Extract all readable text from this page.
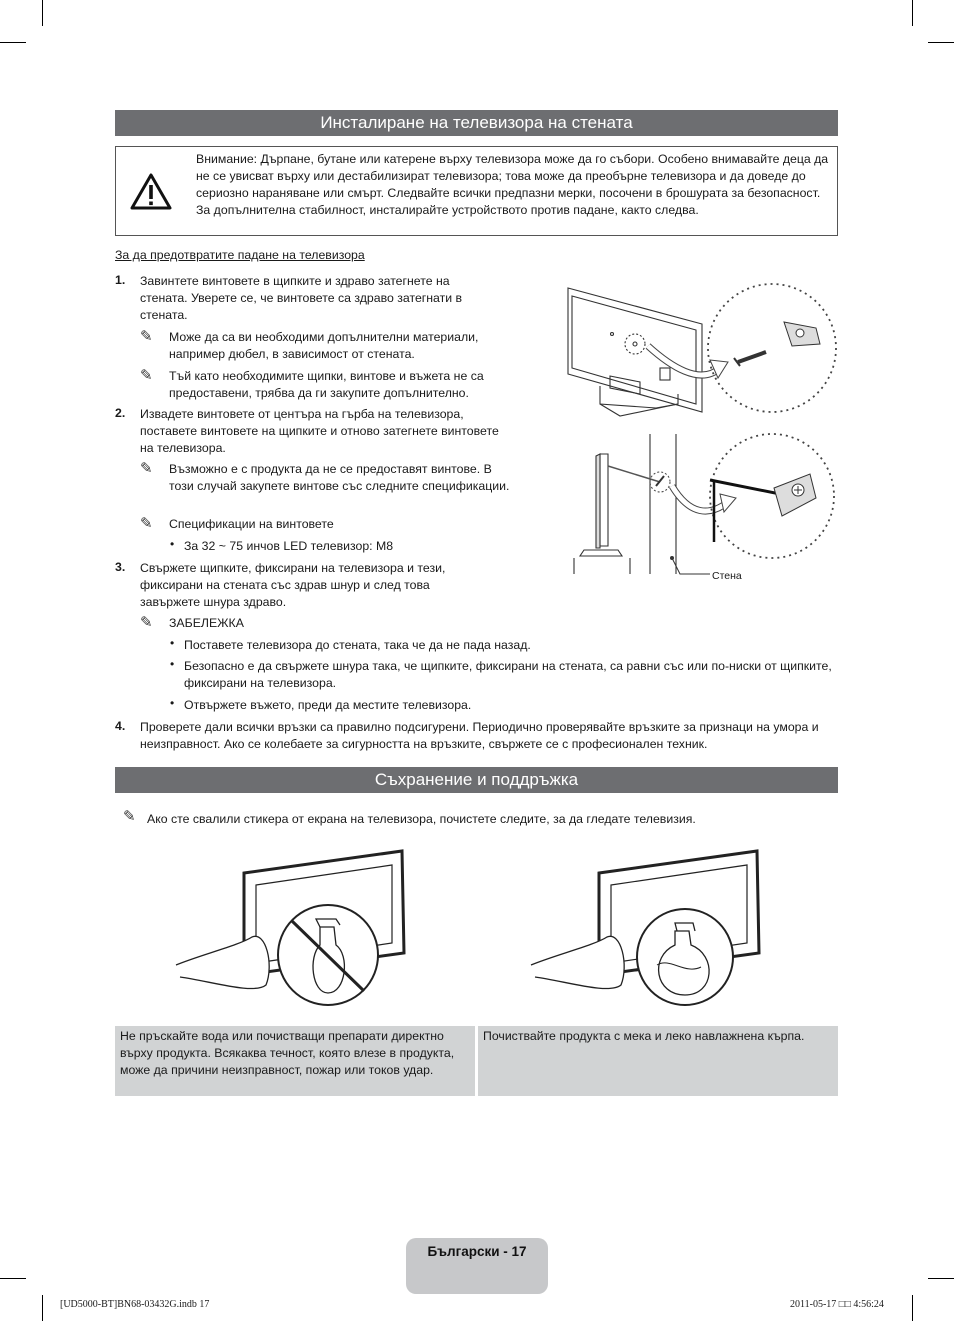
Инсталиране на телевизора на стената
Внимание: Дърпане, бутане или катерене върху телевизора може да го събори. Особено внимавайте деца да не се увисват върху или дестабилизират телевизора; това може да преобърне телевизора и да доведе до сериозно нараняване или смърт. Следвайте всички предпазни мерки, посочени в брошурата за безопасност. За допълнителна стабилност, инсталирайте устройството против падане, както следва.
За да предотвратите падане на телевизора
1. Завинтете винтовете в щипките и здраво затегнете на стената. Уверете се, че винтовете са здраво затегнати в стената.
✎ Може да са ви необходими допълнителни материали, например дюбел, в зависимост от стената.
✎ Тъй като необходимите щипки, винтове и въжета не са предоставени, трябва да ги закупите допълнително.
2. Извадете винтовете от центъра на гърба на телевизора, поставете винтовете на щипките и отново затегнете винтовете на телевизора.
✎ Възможно е с продукта да не се предоставят винтове. В този случай закупете винтове със следните спецификации.
✎ Спецификации на винтовете
• За 32 ~ 75 инчов LED телевизор: M8
3. Свържете щипките, фиксирани на телевизора и тези, фиксирани на стената със здрав шнур и след това завържете шнура здраво.
✎ ЗАБЕЛЕЖКА
• Поставете телевизора до стената, така че да не пада назад.
• Безопасно е да свържете шнура така, че щипките, фиксирани на стената, са равни със или по-ниски от щипките, фиксирани на телевизора.
• Отвържете въжето, преди да местите телевизора.
4. Проверете дали всички връзки са правилно подсигурени. Периодично проверявайте връзките за признаци на умора и неизправност. Ако се колебаете за сигурността на връзките, свържете се с професионален техник.
Стена
Съхранение и поддръжка
✎ Ако сте свалили стикера от екрана на телевизора, почистете следите, за да гледате телевизия.
Не пръскайте вода или почистващи препарати директно върху продукта. Всякаква течност, която влезе в продукта, може да причини неизправност, пожар или токов удар.
Почиствайте продукта с мека и леко навлажнена кърпа.
Български - 17
[UD5000-BT]BN68-03432G.indb 17	2011-05-17 □□ 4:56:24
